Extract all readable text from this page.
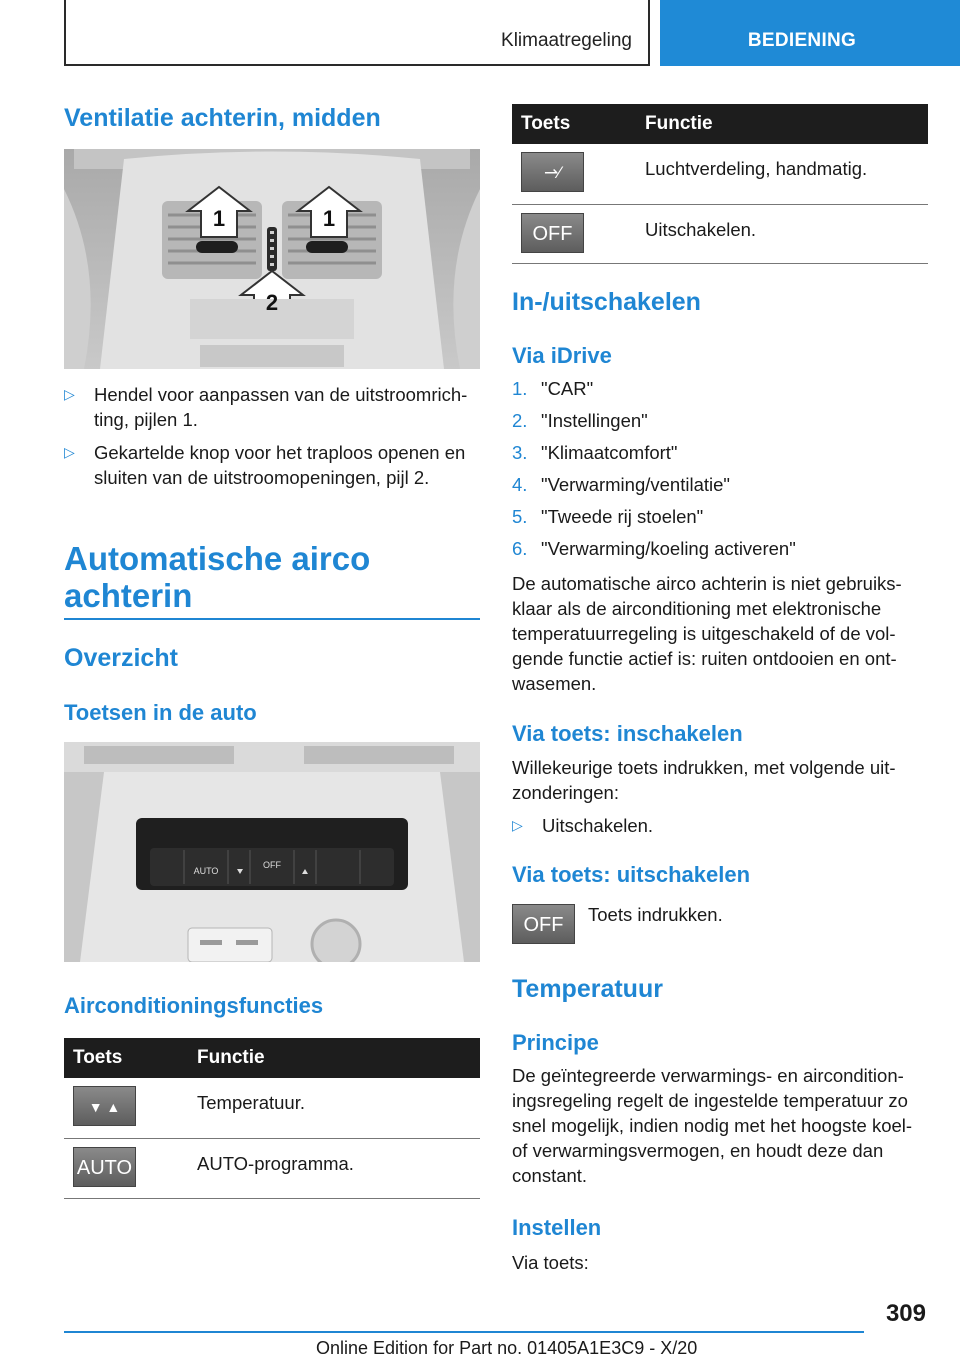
Klimaatregeling	BEDIENING
Ventilatie achterin, midden
1	1
2
▷ Hendel voor aanpassen van de uitstroomrich-
ting, pijlen 1.
▷ Gekartelde knop voor het traploos openen en
sluiten van de uitstroomopeningen, pijl 2.
Automatische airco
achterin
Overzicht
Toetsen in de auto
AUTO
OFF
Airconditioningsfuncties
Toets	Functie
▼ ▲	Temperatuur.
AUTO	AUTO-programma.
Toets	Functie
⇀⁄	Luchtverdeling, handmatig.
OFF	Uitschakelen.
In-/uitschakelen
Via iDrive
1. "CAR"
2. "Instellingen"
3. "Klimaatcomfort"
4. "Verwarming/ventilatie"
5. "Tweede rij stoelen"
6. "Verwarming/koeling activeren"

De automatische airco achterin is niet gebruiks-
klaar als de airconditioning met elektronische
temperatuurregeling is uitgeschakeld of de vol-
gende functie actief is: ruiten ontdooien en ont-
wasemen.

Via toets: inschakelen

Willekeurige toets indrukken, met volgende uit-
zonderingen:

▷ Uitschakelen.
Via toets: uitschakelen
OFF	Toets indrukken.

Temperatuur
Principe

De geïntegreerde verwarmings- en aircondition-
ingsregeling regelt de ingestelde temperatuur zo
snel mogelijk, indien nodig met het hoogste koel-
of verwarmingsvermogen, en houdt deze dan
constant.

Instellen

Via toets:

309
Online Edition for Part no. 01405A1E3C9 - X/20
